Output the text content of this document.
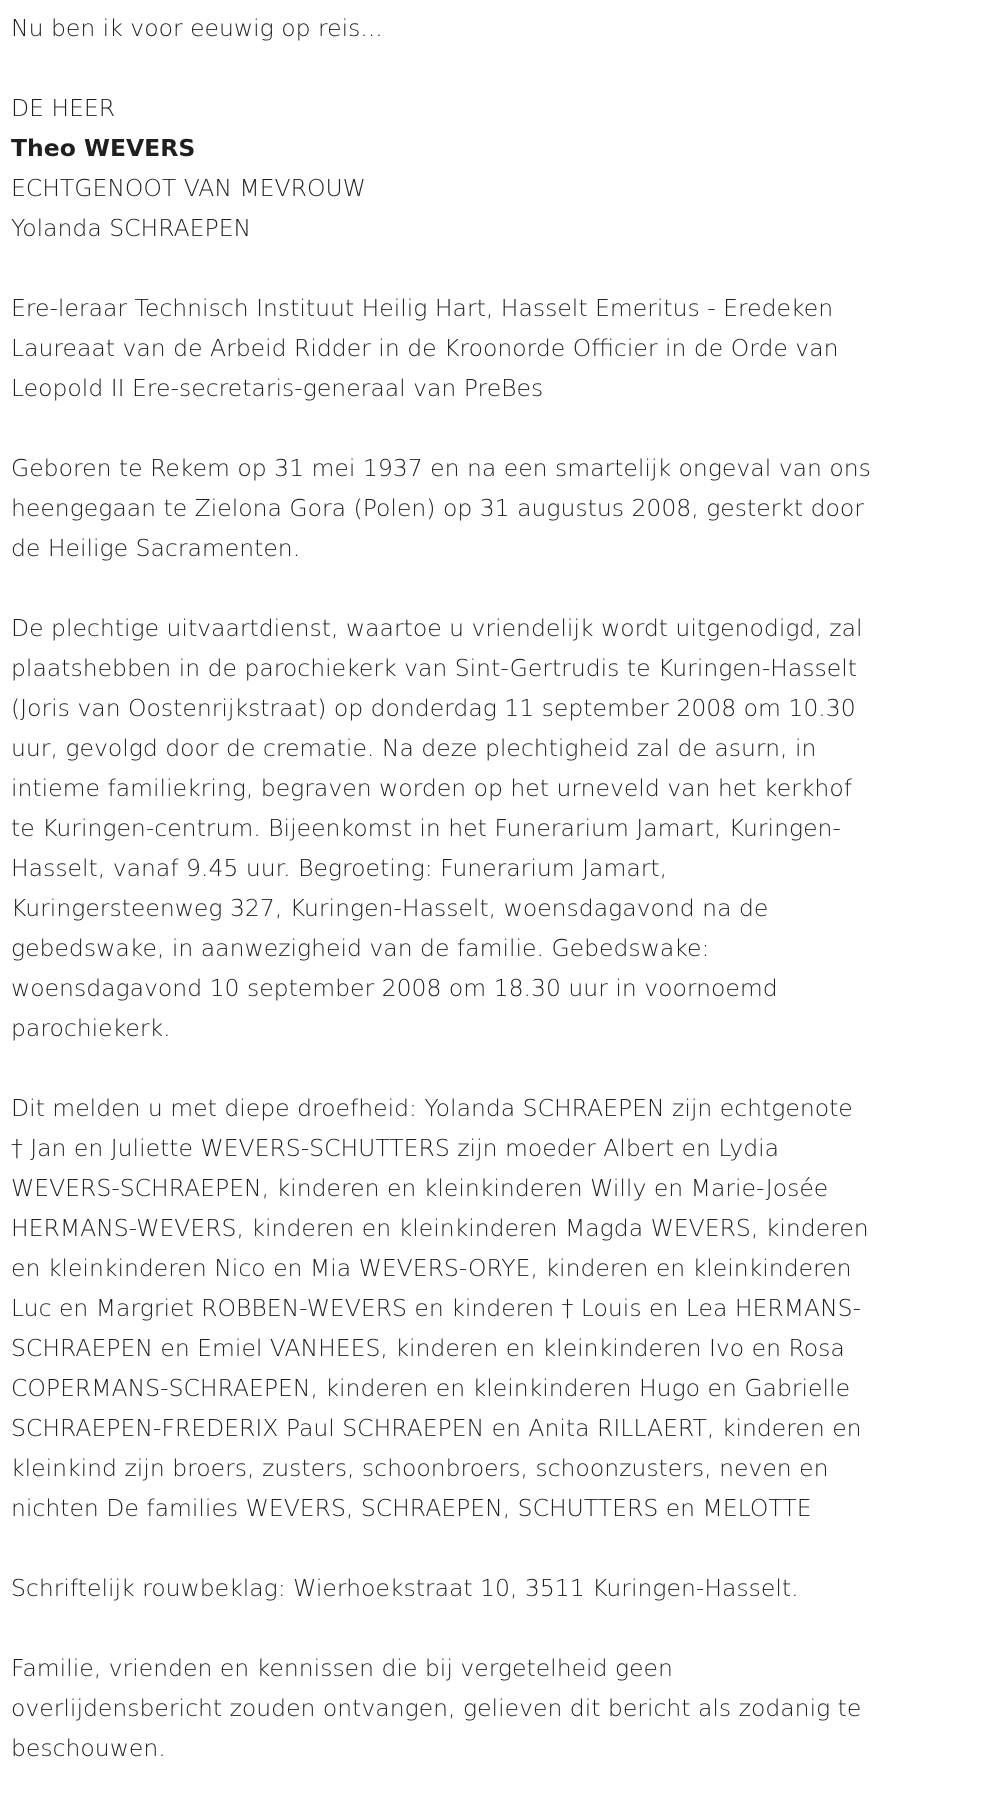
Nu ben ik voor eeuwig op reis...
DE HEER
Theo WEVERS
ECHTGENOOT VAN MEVROUW
Yolanda SCHRAEPEN
Ere-leraar Technisch Instituut Heilig Hart, Hasselt Emeritus - Eredeken
Laureaat van de Arbeid Ridder in de Kroonorde Officier in de Orde van
Leopold II Ere-secretaris-generaal van PreBes
Geboren te Rekem op 31 mei 1937 en na een smartelijk ongeval van ons
heengegaan te Zielona Gora (Polen) op 31 augustus 2008, gesterkt door
de Heilige Sacramenten.
De plechtige uitvaartdienst, waartoe u vriendelijk wordt uitgenodigd, zal
plaatshebben in de parochiekerk van Sint-Gertrudis te Kuringen-Hasselt
(Joris van Oostenrijkstraat) op donderdag 11 september 2008 om 10.30
uur, gevolgd door de crematie. Na deze plechtigheid zal de asurn, in
intieme familiekring, begraven worden op het urneveld van het kerkhof
te Kuringen-centrum. Bijeenkomst in het Funerarium Jamart, Kuringen-
Hasselt, vanaf 9.45 uur. Begroeting: Funerarium Jamart,
Kuringersteenweg 327, Kuringen-Hasselt, woensdagavond na de
gebedswake, in aanwezigheid van de familie. Gebedswake:
woensdagavond 10 september 2008 om 18.30 uur in voornoemd
parochiekerk.
Dit melden u met diepe droefheid: Yolanda SCHRAEPEN zijn echtgenote
† Jan en Juliette WEVERS-SCHUTTERS zijn moeder Albert en Lydia
WEVERS-SCHRAEPEN, kinderen en kleinkinderen Willy en Marie-Josée
HERMANS-WEVERS, kinderen en kleinkinderen Magda WEVERS, kinderen
en kleinkinderen Nico en Mia WEVERS-ORYE, kinderen en kleinkinderen
Luc en Margriet ROBBEN-WEVERS en kinderen † Louis en Lea HERMANS-
SCHRAEPEN en Emiel VANHEES, kinderen en kleinkinderen Ivo en Rosa
COPERMANS-SCHRAEPEN, kinderen en kleinkinderen Hugo en Gabrielle
SCHRAEPEN-FREDERIX Paul SCHRAEPEN en Anita RILLAERT, kinderen en
kleinkind zijn broers, zusters, schoonbroers, schoonzusters, neven en
nichten De families WEVERS, SCHRAEPEN, SCHUTTERS en MELOTTE
Schriftelijk rouwbeklag: Wierhoekstraat 10, 3511 Kuringen-Hasselt.
Familie, vrienden en kennissen die bij vergetelheid geen
overlijdensbericht zouden ontvangen, gelieven dit bericht als zodanig te
beschouwen.
